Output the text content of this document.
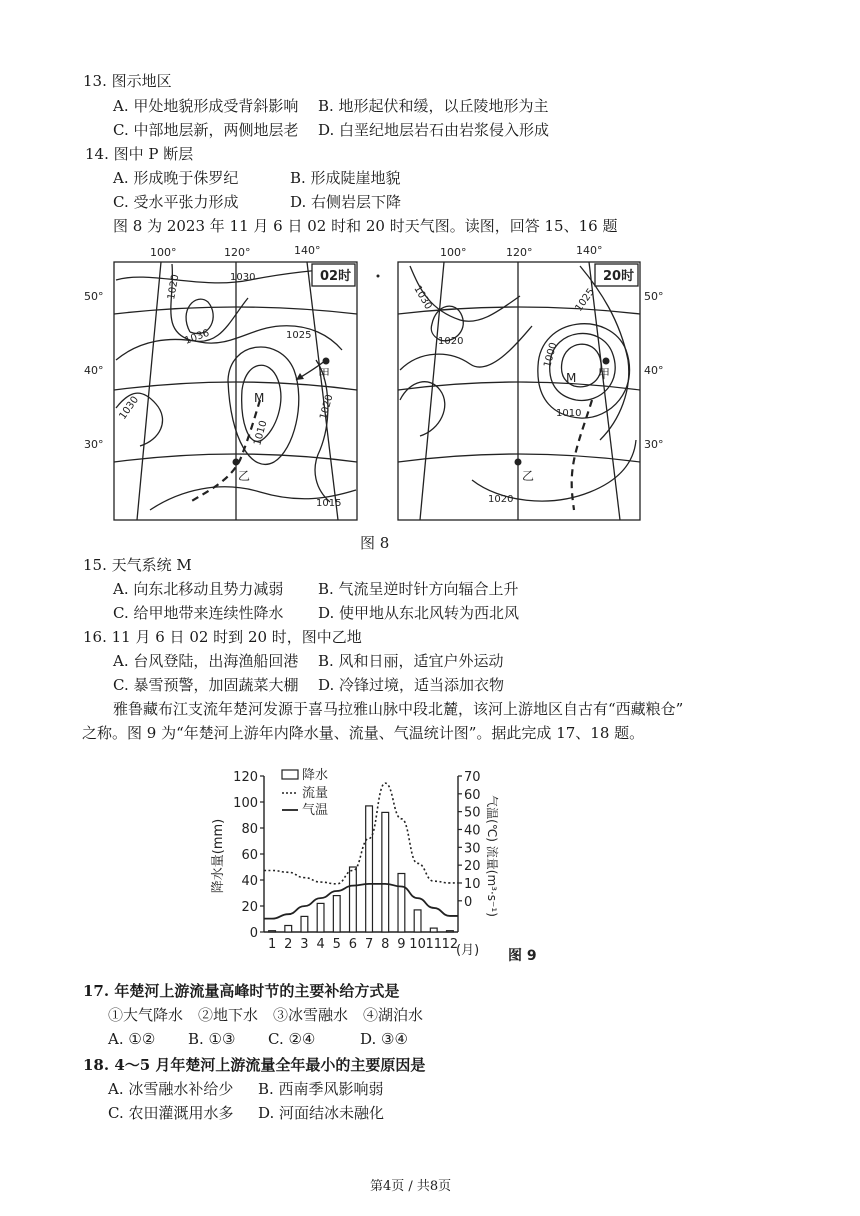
13. 图示地区
A. 甲处地貌形成受背斜影响 B. 地形起伏和缓，以丘陵地形为主
C. 中部地层新，两侧地层老 D. 白垩纪地层岩石由岩浆侵入形成
14. 图中 P 断层
A. 形成晚于侏罗纪	B. 形成陡崖地貌
C. 受水平张力形成	D. 右侧岩层下降
图 8 为 2023 年 11 月 6 日 02 时和 20 时天气图。读图，回答 15、16 题
02时
100°	120°	140°
50°
40°
30°
1030
1020
1036	1025
1010
1020
1030
1015
M
甲
乙
20时
100°	120°	140°
50°
40°
30°
1030	1025
1020	1000
1010
1020
M 甲
乙
图 8
15. 天气系统 M
A. 向东北移动且势力减弱 B. 气流呈逆时针方向辐合上升
C. 给甲地带来连续性降水 D. 使甲地从东北风转为西北风
16. 11 月 6 日 02 时到 20 时，图中乙地
A. 台风登陆，出海渔船回港 B. 风和日丽，适宜户外运动
C. 暴雪预警，加固蔬菜大棚 D. 冷锋过境，适当添加衣物
雅鲁藏布江支流年楚河发源于喜马拉雅山脉中段北麓，该河上游地区自古有“西藏粮仓”
之称。图 9 为“年楚河上游年内降水量、流量、气温统计图”。据此完成 17、18 题。
0
20
40
60
80
100
120
0
10
20
30
40
50
60
70
1 2 3 4 5 6 7 8 9 10 11 12
降水
流量
气温
降水量(mm)	气温(℃) 流量(m³·s⁻¹)
(月) 图 9
17. 年楚河上游流量高峰时节的主要补给方式是
①大气降水　②地下水　③冰雪融水　④湖泊水
A. ①② B. ①③ C. ②④	D. ③④
18. 4～5 月年楚河上游流量全年最小的主要原因是
A. 冰雪融水补给少 B. 西南季风影响弱
C. 农田灌溉用水多 D. 河面结冰未融化
第4页 / 共8页
